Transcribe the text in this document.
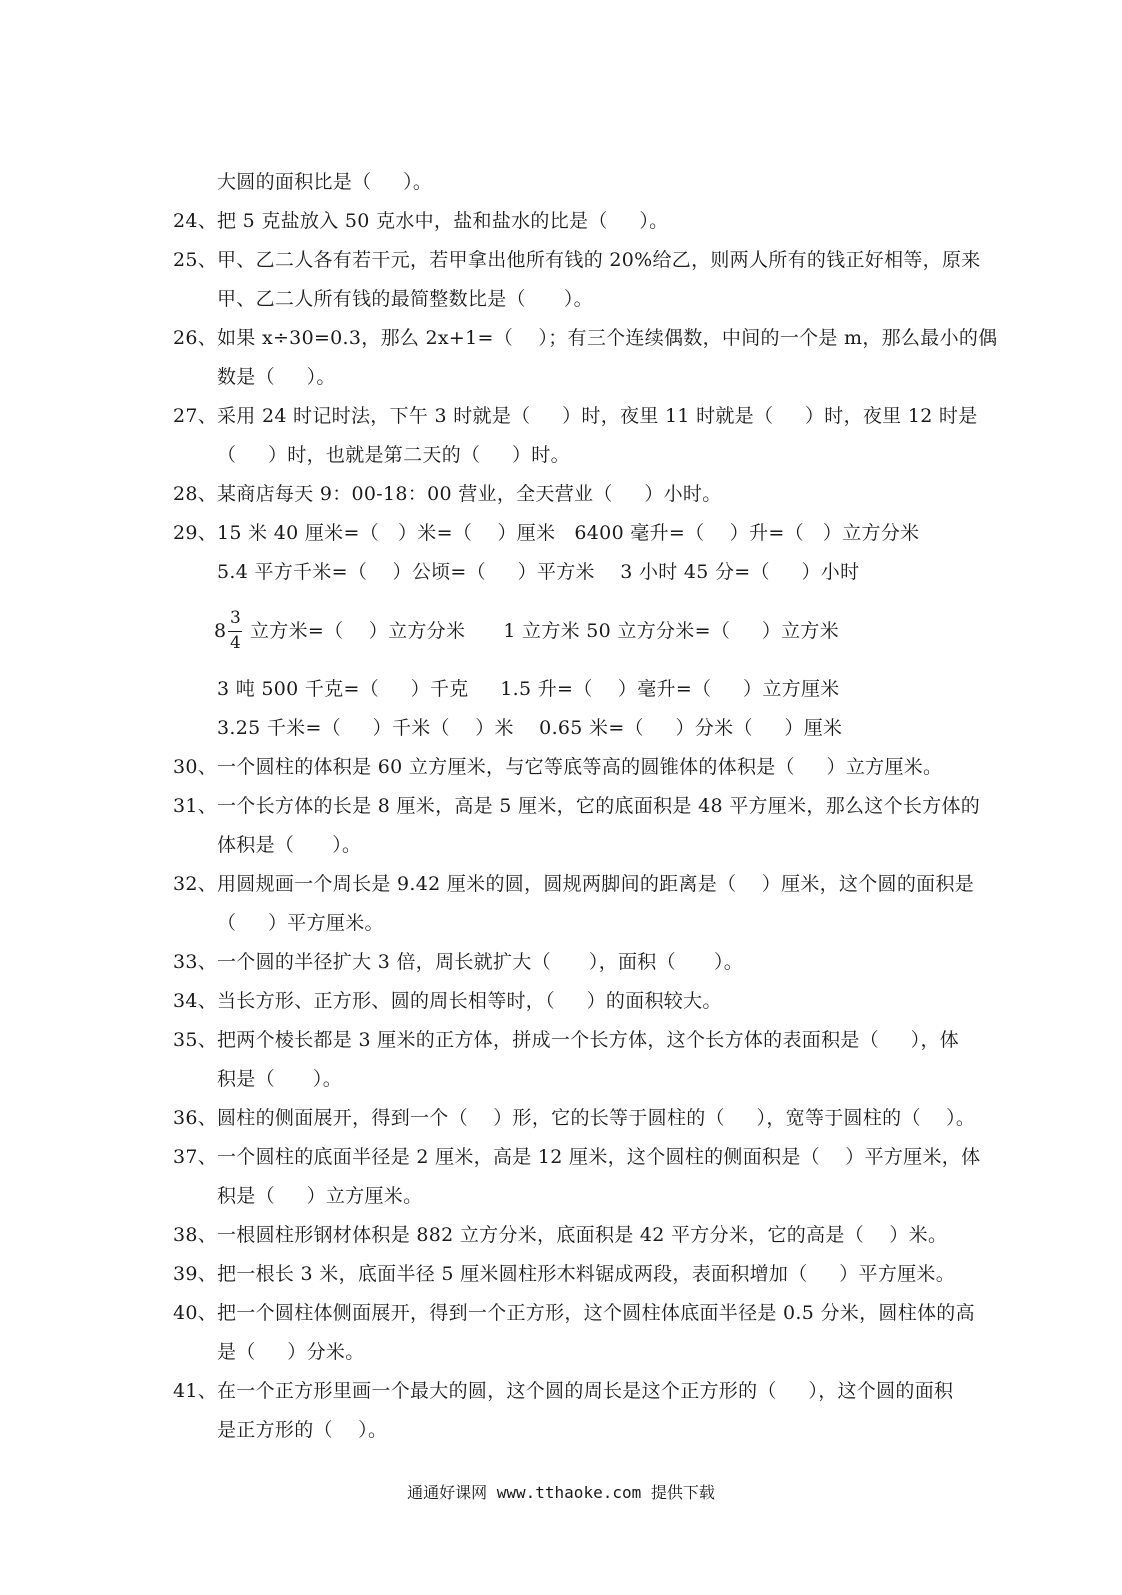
大圆的面积比是（     ）。
24、把 5 克盐放入 50 克水中，盐和盐水的比是（     ）。
25、甲、乙二人各有若干元，若甲拿出他所有钱的 20%给乙，则两人所有的钱正好相等，原来
甲、乙二人所有钱的最简整数比是（      ）。
26、如果 x÷30=0.3，那么 2x+1=（    ）；有三个连续偶数，中间的一个是 m，那么最小的偶
数是（     ）。
27、采用 24 时记时法，下午 3 时就是（     ）时，夜里 11 时就是（     ）时，夜里 12 时是
（     ）时，也就是第二天的（     ）时。
28、某商店每天 9：00-18：00 营业，全天营业（     ）小时。
29、15 米 40 厘米=（   ）米=（    ）厘米   6400 毫升=（    ）升=（   ）立方分米
5.4 平方千米=（    ）公顷=（     ）平方米    3 小时 45 分=（     ）小时
8
3
4
立方米=（    ）立方分米      1 立方米 50 立方分米=（     ）立方米
3 吨 500 千克=（     ）千克     1.5 升=（    ）毫升=（     ）立方厘米
3.25 千米=（     ）千米（    ）米    0.65 米=（     ）分米（     ）厘米
30、一个圆柱的体积是 60 立方厘米，与它等底等高的圆锥体的体积是（     ）立方厘米。
31、一个长方体的长是 8 厘米，高是 5 厘米，它的底面积是 48 平方厘米，那么这个长方体的
体积是（      ）。
32、用圆规画一个周长是 9.42 厘米的圆，圆规两脚间的距离是（    ）厘米，这个圆的面积是
（     ）平方厘米。
33、一个圆的半径扩大 3 倍，周长就扩大（      ），面积（      ）。
34、当长方形、正方形、圆的周长相等时，（     ）的面积较大。
35、把两个棱长都是 3 厘米的正方体，拼成一个长方体，这个长方体的表面积是（     ），体
积是（      ）。
36、圆柱的侧面展开，得到一个（    ）形，它的长等于圆柱的（     ），宽等于圆柱的（    ）。
37、一个圆柱的底面半径是 2 厘米，高是 12 厘米，这个圆柱的侧面积是（    ）平方厘米，体
积是（     ）立方厘米。
38、一根圆柱形钢材体积是 882 立方分米，底面积是 42 平方分米，它的高是（    ）米。
39、把一根长 3 米，底面半径 5 厘米圆柱形木料锯成两段，表面积增加（     ）平方厘米。
40、把一个圆柱体侧面展开，得到一个正方形，这个圆柱体底面半径是 0.5 分米，圆柱体的高
是（     ）分米。
41、在一个正方形里画一个最大的圆，这个圆的周长是这个正方形的（     ），这个圆的面积
是正方形的（    ）。
通通好课网 www.tthaoke.com 提供下载
